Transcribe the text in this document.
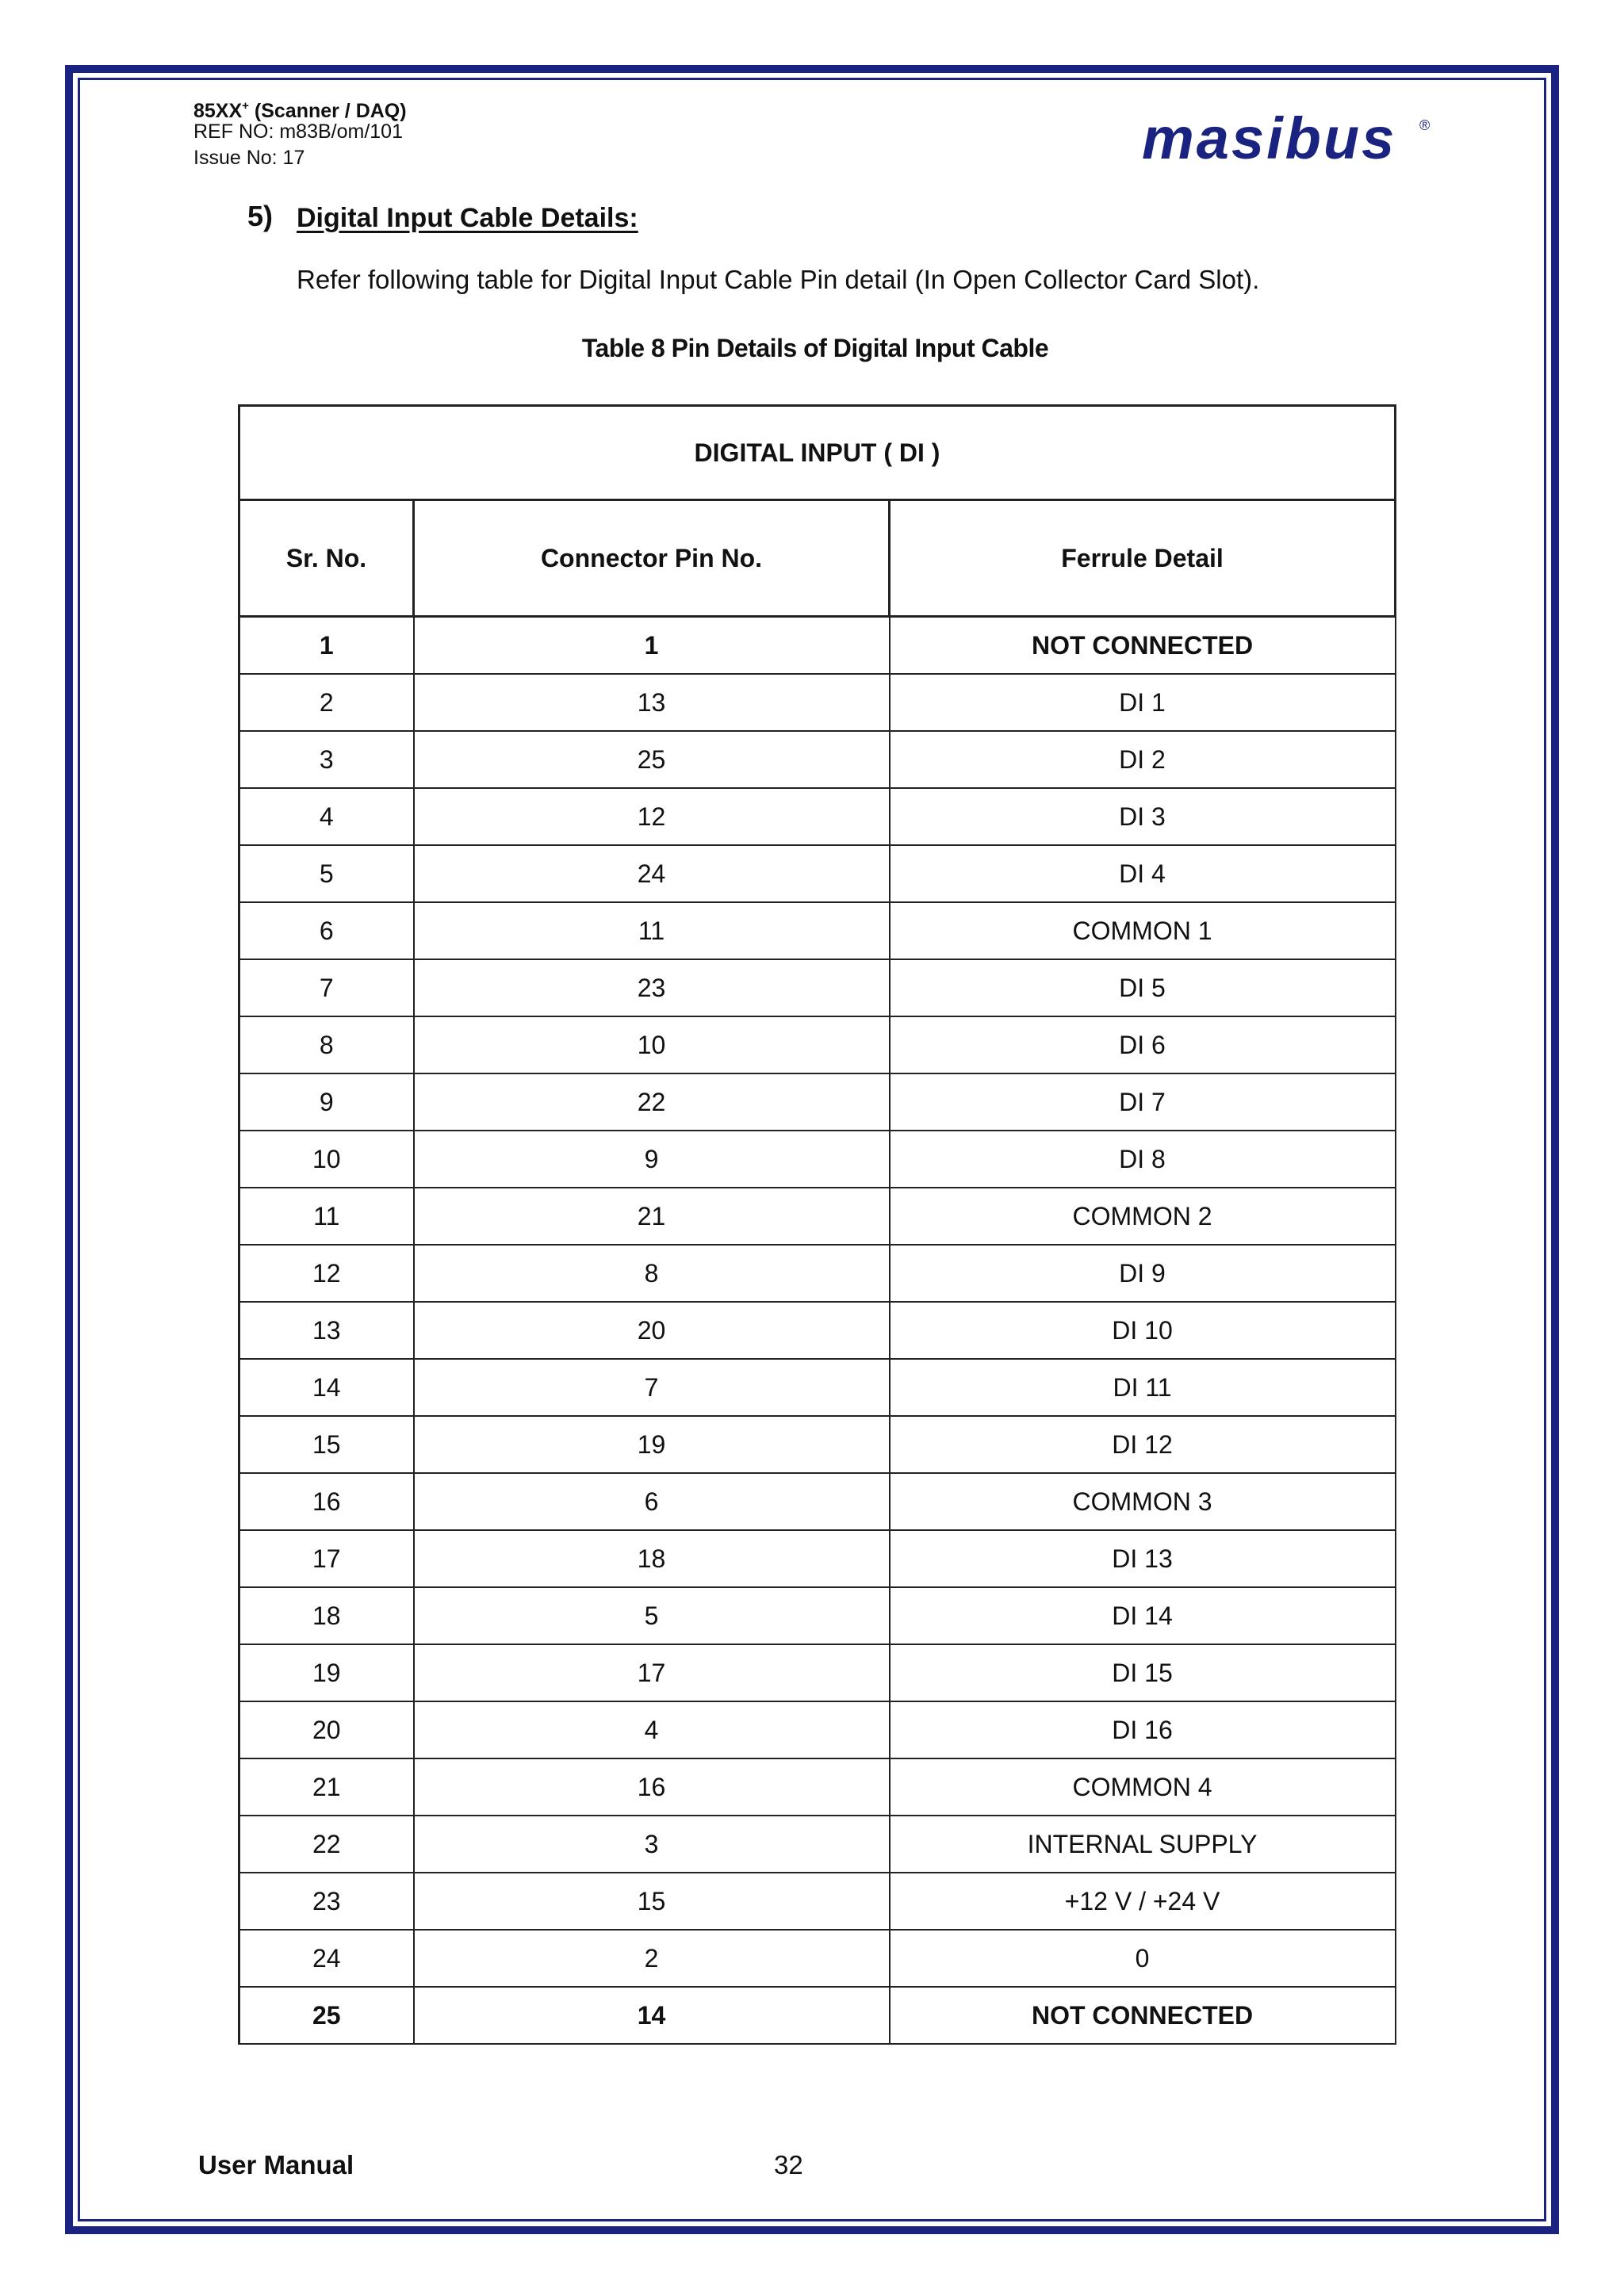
85XX+ (Scanner / DAQ)
REF NO: m83B/om/101
Issue No: 17	masibus ®
5) Digital Input Cable Details:
Refer following table for Digital Input Cable Pin detail (In Open Collector Card Slot).
Table 8 Pin Details of Digital Input Cable
DIGITAL INPUT ( DI )		
Sr. No.	Connector Pin No.	Ferrule Detail
1	1	NOT CONNECTED
2	13	DI 1
3	25	DI 2
4	12	DI 3
5	24	DI 4
6	11	COMMON 1
7	23	DI 5
8	10	DI 6
9	22	DI 7
10	9	DI 8
11	21	COMMON 2
12	8	DI 9
13	20	DI 10
14	7	DI 11
15	19	DI 12
16	6	COMMON 3
17	18	DI 13
18	5	DI 14
19	17	DI 15
20	4	DI 16
21	16	COMMON 4
22	3	INTERNAL SUPPLY
23	15	+12 V / +24 V
24	2	0
25	14	NOT CONNECTED
User Manual	32
